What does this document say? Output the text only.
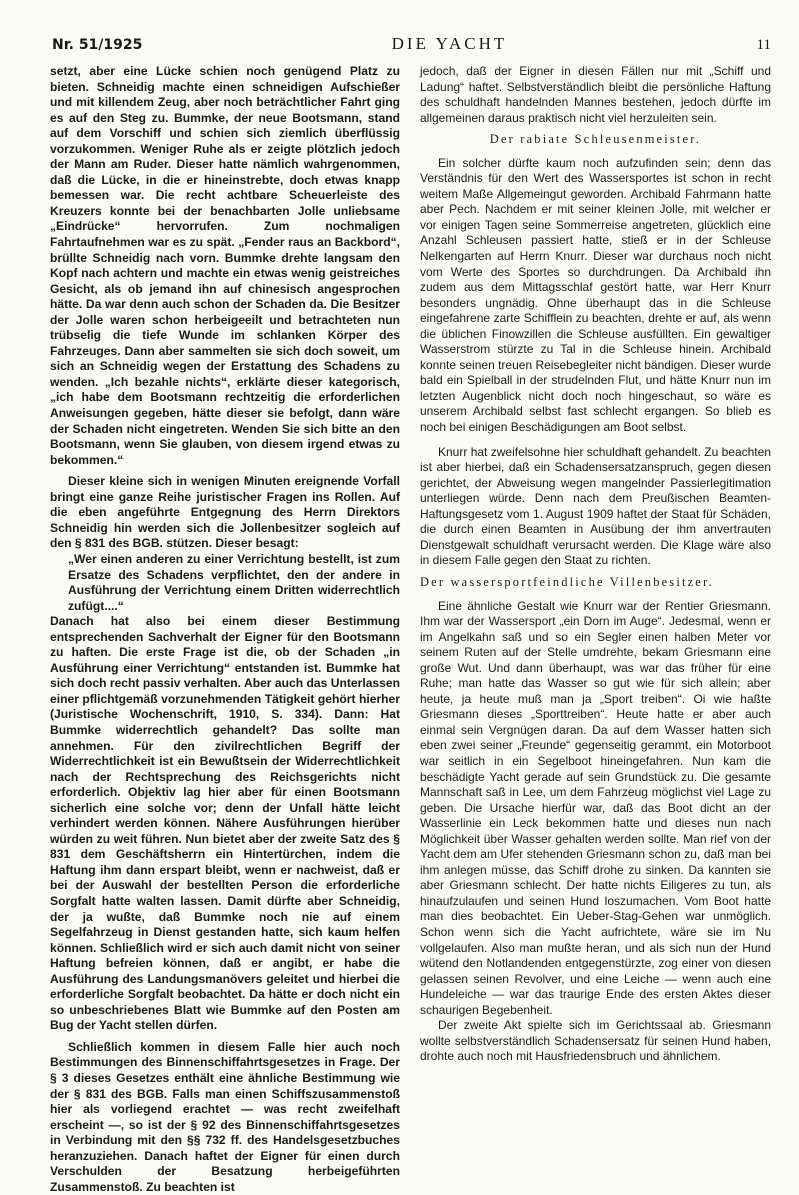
Nr. 51/1925	DIE YACHT	11

setzt, aber eine Lücke schien noch genügend Platz zu bieten. Schneidig machte einen schneidigen Aufschießer und mit killendem Zeug, aber noch beträchtlicher Fahrt ging es auf den Steg zu. Bummke, der neue Bootsmann, stand auf dem Vorschiff und schien sich ziemlich überflüssig vorzukommen. Weniger Ruhe als er zeigte plötzlich jedoch der Mann am Ruder. Dieser hatte nämlich wahrgenommen, daß die Lücke, in die er hineinstrebte, doch etwas knapp bemessen war. Die recht achtbare Scheuerleiste des Kreuzers konnte bei der benachbarten Jolle unliebsame „Eindrücke“ hervorrufen. Zum nochmaligen Fahrtaufnehmen war es zu spät. „Fender raus an Backbord“, brüllte Schneidig nach vorn. Bummke drehte langsam den Kopf nach achtern und machte ein etwas wenig geistreiches Gesicht, als ob jemand ihn auf chinesisch angesprochen hätte. Da war denn auch schon der Schaden da. Die Besitzer der Jolle waren schon herbeigeeilt und betrachteten nun trübselig die tiefe Wunde im schlanken Körper des Fahrzeuges. Dann aber sammelten sie sich doch soweit, um sich an Schneidig wegen der Erstattung des Schadens zu wenden. „Ich bezahle nichts“, erklärte dieser kategorisch, „ich habe dem Bootsmann rechtzeitig die erforderlichen Anweisungen gegeben, hätte dieser sie befolgt, dann wäre der Schaden nicht eingetreten. Wenden Sie sich bitte an den Bootsmann, wenn Sie glauben, von diesem irgend etwas zu bekommen.“

Dieser kleine sich in wenigen Minuten ereignende Vorfall bringt eine ganze Reihe juristischer Fragen ins Rollen. Auf die eben angeführte Entgegnung des Herrn Direktors Schneidig hin werden sich die Jollenbesitzer sogleich auf den § 831 des BGB. stützen. Dieser besagt:

„Wer einen anderen zu einer Verrichtung bestellt, ist zum Ersatze des Schadens verpflichtet, den der andere in Ausführung der Verrichtung einem Dritten widerrechtlich zufügt....“

Danach hat also bei einem dieser Bestimmung entsprechenden Sachverhalt der Eigner für den Bootsmann zu haften. Die erste Frage ist die, ob der Schaden „in Ausführung einer Verrichtung“ entstanden ist. Bummke hat sich doch recht passiv verhalten. Aber auch das Unterlassen einer pflichtgemäß vorzunehmenden Tätigkeit gehört hierher (Juristische Wochenschrift, 1910, S. 334). Dann: Hat Bummke widerrechtlich gehandelt? Das sollte man annehmen. Für den zivilrechtlichen Begriff der Widerrechtlichkeit ist ein Bewußtsein der Widerrechtlichkeit nach der Rechtsprechung des Reichsgerichts nicht erforderlich. Objektiv lag hier aber für einen Bootsmann sicherlich eine solche vor; denn der Unfall hätte leicht verhindert werden können. Nähere Ausführungen hierüber würden zu weit führen. Nun bietet aber der zweite Satz des § 831 dem Geschäftsherrn ein Hintertürchen, indem die Haftung ihm dann erspart bleibt, wenn er nachweist, daß er bei der Auswahl der bestellten Person die erforderliche Sorgfalt hatte walten lassen. Damit dürfte aber Schneidig, der ja wußte, daß Bummke noch nie auf einem Segelfahrzeug in Dienst gestanden hatte, sich kaum helfen können. Schließlich wird er sich auch damit nicht von seiner Haftung befreien können, daß er angibt, er habe die Ausführung des Landungsmanövers geleitet und hierbei die erforderliche Sorgfalt beobachtet. Da hätte er doch nicht ein so unbeschriebenes Blatt wie Bummke auf den Posten am Bug der Yacht stellen dürfen.

Schließlich kommen in diesem Falle hier auch noch Bestimmungen des Binnenschiffahrtsgesetzes in Frage. Der § 3 dieses Gesetzes enthält eine ähnliche Bestimmung wie der § 831 des BGB. Falls man einen Schiffszusammenstoß hier als vorliegend erachtet — was recht zweifelhaft erscheint —, so ist der § 92 des Binnenschiffahrtsgesetzes in Verbindung mit den §§ 732 ff. des Handelsgesetzbuches heranzuziehen. Danach haftet der Eigner für einen durch Verschulden der Besatzung herbeigeführten Zusammenstoß. Zu beachten ist

jedoch, daß der Eigner in diesen Fällen nur mit „Schiff und Ladung“ haftet. Selbstverständlich bleibt die persönliche Haftung des schuldhaft handelnden Mannes bestehen, jedoch dürfte im allgemeinen daraus praktisch nicht viel herzuleiten sein.

Der rabiate Schleusenmeister.

Ein solcher dürfte kaum noch aufzufinden sein; denn das Verständnis für den Wert des Wassersportes ist schon in recht weitem Maße Allgemeingut geworden. Archibald Fahrmann hatte aber Pech. Nachdem er mit seiner kleinen Jolle, mit welcher er vor einigen Tagen seine Sommerreise angetreten, glücklich eine Anzahl Schleusen passiert hatte, stieß er in der Schleuse Nelkengarten auf Herrn Knurr. Dieser war durchaus noch nicht vom Werte des Sportes so durchdrungen. Da Archibald ihn zudem aus dem Mittagsschlaf gestört hatte, war Herr Knurr besonders ungnädig. Ohne überhaupt das in die Schleuse eingefahrene zarte Schifflein zu beachten, drehte er auf, als wenn die üblichen Finowzillen die Schleuse ausfüllten. Ein gewaltiger Wasserstrom stürzte zu Tal in die Schleuse hinein. Archibald konnte seinen treuen Reisebegleiter nicht bändigen. Dieser wurde bald ein Spielball in der strudelnden Flut, und hätte Knurr nun im letzten Augenblick nicht doch noch hingeschaut, so wäre es unserem Archibald selbst fast schlecht ergangen. So blieb es noch bei einigen Beschädigungen am Boot selbst.

Knurr hat zweifelsohne hier schuldhaft gehandelt. Zu beachten ist aber hierbei, daß ein Schadensersatzanspruch, gegen diesen gerichtet, der Abweisung wegen mangelnder Passierlegitimation unterliegen würde. Denn nach dem Preußischen Beamten-Haftungsgesetz vom 1. August 1909 haftet der Staat für Schäden, die durch einen Beamten in Ausübung der ihm anvertrauten Dienstgewalt schuldhaft verursacht werden. Die Klage wäre also in diesem Falle gegen den Staat zu richten.

Der wassersportfeindliche Villenbesitzer.

Eine ähnliche Gestalt wie Knurr war der Rentier Griesmann. Ihm war der Wassersport „ein Dorn im Auge“. Jedesmal, wenn er im Angelkahn saß und so ein Segler einen halben Meter vor seinem Ruten auf der Stelle umdrehte, bekam Griesmann eine große Wut. Und dann überhaupt, was war das früher für eine Ruhe; man hatte das Wasser so gut wie für sich allein; aber heute, ja heute muß man ja „Sport treiben“. Oi wie haßte Griesmann dieses „Sporttreiben“. Heute hatte er aber auch einmal sein Vergnügen daran. Da auf dem Wasser hatten sich eben zwei seiner „Freunde“ gegenseitig gerammt, ein Motorboot war seitlich in ein Segelboot hineingefahren. Nun kam die beschädigte Yacht gerade auf sein Grundstück zu. Die gesamte Mannschaft saß in Lee, um dem Fahrzeug möglichst viel Lage zu geben. Die Ursache hierfür war, daß das Boot dicht an der Wasserlinie ein Leck bekommen hatte und dieses nun nach Möglichkeit über Wasser gehalten werden sollte. Man rief von der Yacht dem am Ufer stehenden Griesmann schon zu, daß man bei ihm anlegen müsse, das Schiff drohe zu sinken. Da kannten sie aber Griesmann schlecht. Der hatte nichts Eiligeres zu tun, als hinaufzulaufen und seinen Hund loszumachen. Vom Boot hatte man dies beobachtet. Ein Ueber-Stag-Gehen war unmöglich. Schon wenn sich die Yacht aufrichtete, wäre sie im Nu vollgelaufen. Also man mußte heran, und als sich nun der Hund wütend den Notlandenden entgegenstürzte, zog einer von diesen gelassen seinen Revolver, und eine Leiche — wenn auch eine Hundeleiche — war das traurige Ende des ersten Aktes dieser schaurigen Begebenheit.

Der zweite Akt spielte sich im Gerichtssaal ab. Griesmann wollte selbstverständlich Schadensersatz für seinen Hund haben, drohte auch noch mit Hausfriedensbruch und ähnlichem.
